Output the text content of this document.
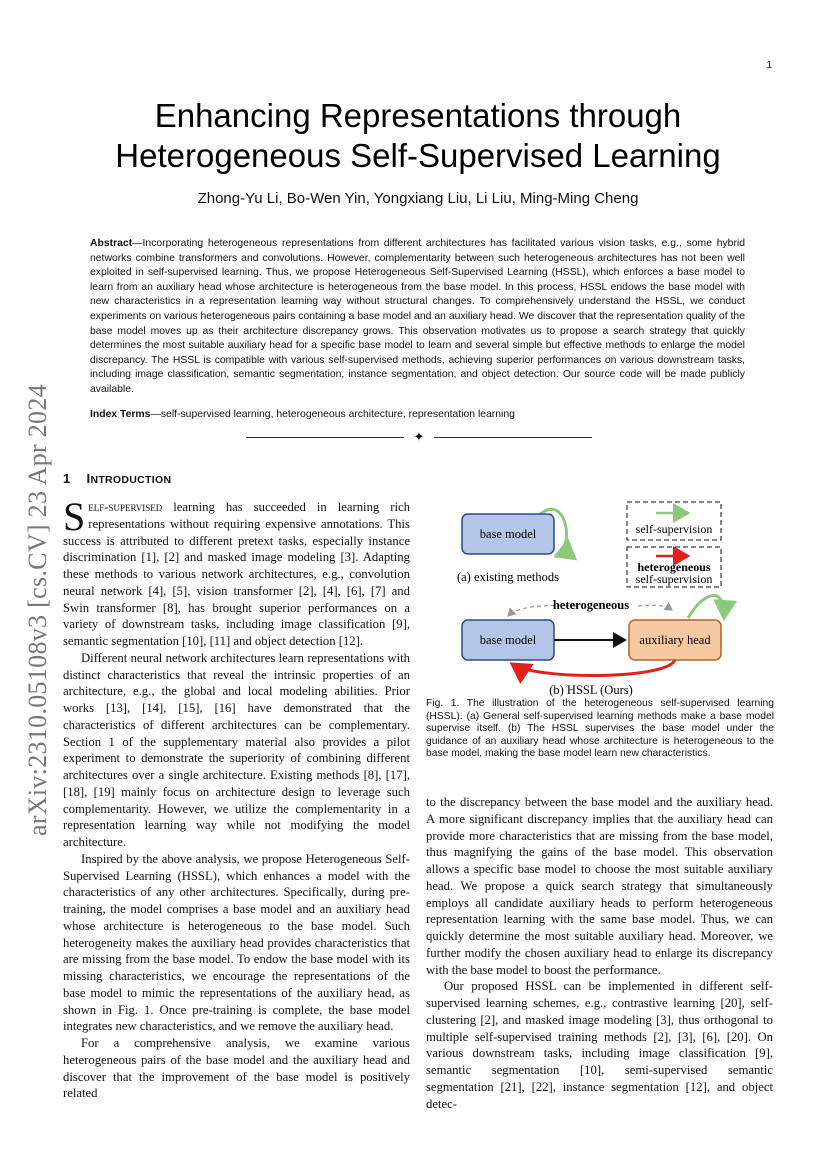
1
arXiv:2310.05108v3 [cs.CV] 23 Apr 2024
Enhancing Representations through Heterogeneous Self-Supervised Learning
Zhong-Yu Li, Bo-Wen Yin, Yongxiang Liu, Li Liu, Ming-Ming Cheng
Abstract—Incorporating heterogeneous representations from different architectures has facilitated various vision tasks, e.g., some hybrid networks combine transformers and convolutions. However, complementarity between such heterogeneous architectures has not been well exploited in self-supervised learning. Thus, we propose Heterogeneous Self-Supervised Learning (HSSL), which enforces a base model to learn from an auxiliary head whose architecture is heterogeneous from the base model. In this process, HSSL endows the base model with new characteristics in a representation learning way without structural changes. To comprehensively understand the HSSL, we conduct experiments on various heterogeneous pairs containing a base model and an auxiliary head. We discover that the representation quality of the base model moves up as their architecture discrepancy grows. This observation motivates us to propose a search strategy that quickly determines the most suitable auxiliary head for a specific base model to learn and several simple but effective methods to enlarge the model discrepancy. The HSSL is compatible with various self-supervised methods, achieving superior performances on various downstream tasks, including image classification, semantic segmentation, instance segmentation, and object detection. Our source code will be made publicly available.
Index Terms—self-supervised learning, heterogeneous architecture, representation learning
✦
1 INTRODUCTION

Self-supervised learning has succeeded in learning rich representations without requiring expensive annotations. This success is attributed to different pretext tasks, especially instance discrimination [1], [2] and masked image modeling [3]. Adapting these methods to various network architectures, e.g., convolution neural network [4], [5], vision transformer [2], [4], [6], [7] and Swin transformer [8], has brought superior performances on a variety of downstream tasks, including image classification [9], semantic segmentation [10], [11] and object detection [12].

Different neural network architectures learn representations with distinct characteristics that reveal the intrinsic properties of an architecture, e.g., the global and local modeling abilities. Prior works [13], [14], [15], [16] have demonstrated that the characteristics of different architectures can be complementary. Section 1 of the supplementary material also provides a pilot experiment to demonstrate the superiority of combining different architectures over a single architecture. Existing methods [8], [17], [18], [19] mainly focus on architecture design to leverage such complementarity. However, we utilize the complementarity in a representation learning way while not modifying the model architecture.

Inspired by the above analysis, we propose Heterogeneous Self-Supervised Learning (HSSL), which enhances a model with the characteristics of any other architectures. Specifically, during pre-training, the model comprises a base model and an auxiliary head whose architecture is heterogeneous to the base model. Such heterogeneity makes the auxiliary head provides characteristics that are missing from the base model. To endow the base model with its missing characteristics, we encourage the representations of the base model to mimic the representations of the auxiliary head, as shown in Fig. 1. Once pre-training is complete, the base model integrates new characteristics, and we remove the auxiliary head.

For a comprehensive analysis, we examine various heterogeneous pairs of the base model and the auxiliary head and discover that the improvement of the base model is positively related

base model
(a) existing methods
self-supervision
heterogeneous
self-supervision
heterogeneous
base model	auxiliary head
(b) HSSL (Ours)
Fig. 1. The illustration of the heterogeneous self-supervised learning (HSSL). (a) General self-supervised learning methods make a base model supervise itself. (b) The HSSL supervises the base model under the guidance of an auxiliary head whose architecture is heterogeneous to the base model, making the base model learn new characteristics.

to the discrepancy between the base model and the auxiliary head. A more significant discrepancy implies that the auxiliary head can provide more characteristics that are missing from the base model, thus magnifying the gains of the base model. This observation allows a specific base model to choose the most suitable auxiliary head. We propose a quick search strategy that simultaneously employs all candidate auxiliary heads to perform heterogeneous representation learning with the same base model. Thus, we can quickly determine the most suitable auxiliary head. Moreover, we further modify the chosen auxiliary head to enlarge its discrepancy with the base model to boost the performance.

Our proposed HSSL can be implemented in different self-supervised learning schemes, e.g., contrastive learning [20], self-clustering [2], and masked image modeling [3], thus orthogonal to multiple self-supervised training methods [2], [3], [6], [20]. On various downstream tasks, including image classification [9], semantic segmentation [10], semi-supervised semantic segmentation [21], [22], instance segmentation [12], and object detec-
